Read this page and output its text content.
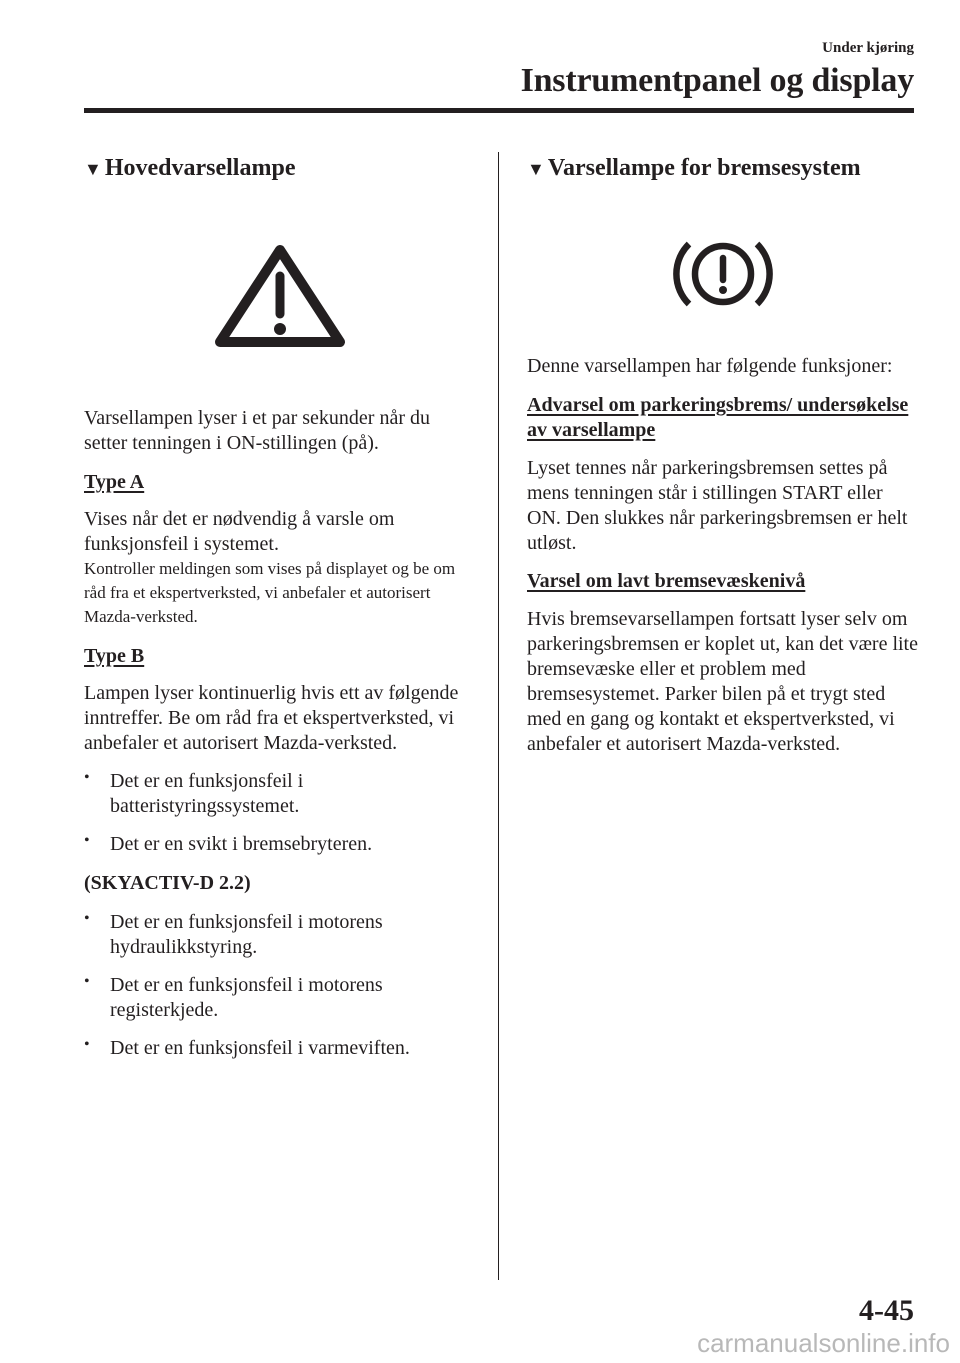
Under kjøring
Instrumentpanel og display
▼ Hovedvarsellampe

Varsellampen lyser i et par sekunder når du setter tenningen i ON-stillingen (på).

Type A

Vises når det er nødvendig å varsle om funksjonsfeil i systemet.

Kontroller meldingen som vises på displayet og be om råd fra et ekspertverksted, vi anbefaler et autorisert Mazda-verksted.

Type B

Lampen lyser kontinuerlig hvis ett av følgende inntreffer. Be om råd fra et ekspertverksted, vi anbefaler et autorisert Mazda-verksted.

•	Det er en funksjonsfeil i batteristyringssystemet.

•	Det er en svikt i bremsebryteren.

(SKYACTIV-D 2.2)

•	Det er en funksjonsfeil i motorens hydraulikkstyring.

•	Det er en funksjonsfeil i motorens registerkjede.

•	Det er en funksjonsfeil i varmeviften.

▼ Varsellampe for bremsesystem

Denne varsellampen har følgende funksjoner:

Advarsel om parkeringsbrems/ undersøkelse av varsellampe

Lyset tennes når parkeringsbremsen settes på mens tenningen står i stillingen START eller ON. Den slukkes når parkeringsbremsen er helt utløst.

Varsel om lavt bremsevæskenivå

Hvis bremsevarsellampen fortsatt lyser selv om parkeringsbremsen er koplet ut, kan det være lite bremsevæske eller et problem med bremsesystemet. Parker bilen på et trygt sted med en gang og kontakt et ekspertverksted, vi anbefaler et autorisert Mazda-verksted.

4-45
carmanualsonline.info
